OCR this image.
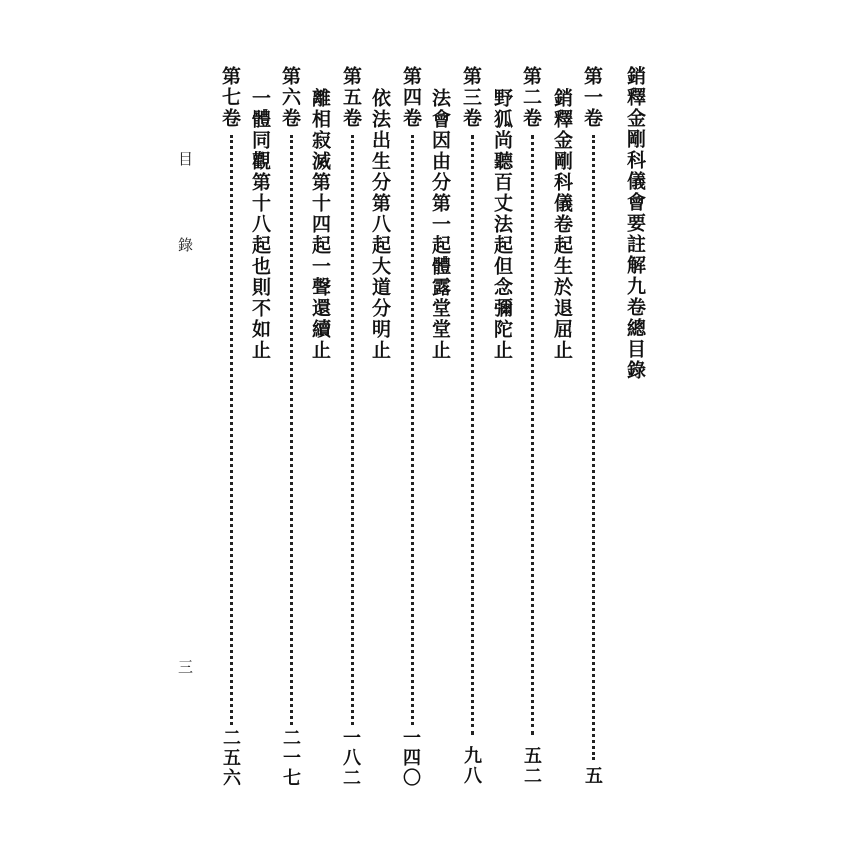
銷釋金剛科儀會要註解九卷總目錄
第一卷
五
銷釋金剛科儀卷起生於退屈止
第二卷
五二
野狐尚聽百丈法起但念彌陀止
第三卷
九八
法會因由分第一起體露堂堂止
第四卷
一四〇
依法出生分第八起大道分明止
第五卷
一八二
離相寂滅第十四起一聲還續止
第六卷
二一七
一體同觀第十八起也則不如止
第七卷
二五六
目
錄
三
